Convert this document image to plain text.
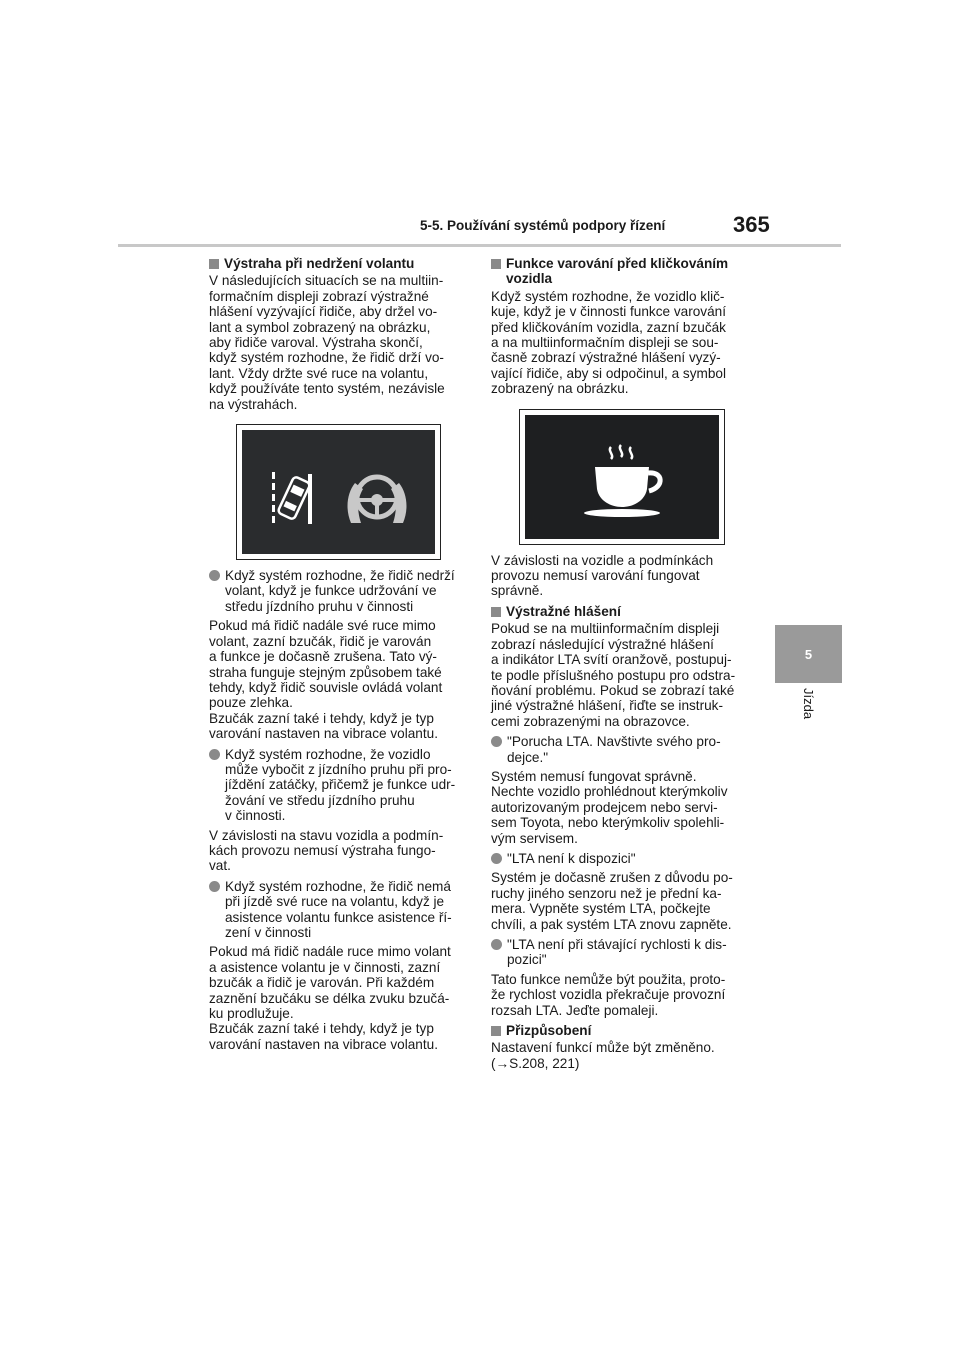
5-5. Používání systémů podpory řízení	365
5
Jízda
Výstraha při nedržení volantu

V následujících situacích se na multiin-
formačním displeji zobrazí výstražné
hlášení vyzývající řidiče, aby držel vo-
lant a symbol zobrazený na obrázku,
aby řidiče varoval. Výstraha skončí,
když systém rozhodne, že řidič drží vo-
lant. Vždy držte své ruce na volantu,
když používáte tento systém, nezávisle
na výstrahách.

Když systém rozhodne, že řidič nedrží
volant, když je funkce udržování ve
středu jízdního pruhu v činnosti

Pokud má řidič nadále své ruce mimo
volant, zazní bzučák, řidič je varován
a funkce je dočasně zrušena. Tato vý-
straha funguje stejným způsobem také
tehdy, když řidič souvisle ovládá volant
pouze zlehka.
Bzučák zazní také i tehdy, když je typ
varování nastaven na vibrace volantu.

Když systém rozhodne, že vozidlo
může vybočit z jízdního pruhu při pro-
jíždění zatáčky, přičemž je funkce udr-
žování ve středu jízdního pruhu
v činnosti.

V závislosti na stavu vozidla a podmín-
kách provozu nemusí výstraha fungo-
vat.

Když systém rozhodne, že řidič nemá
při jízdě své ruce na volantu, když je
asistence volantu funkce asistence ří-
zení v činnosti

Pokud má řidič nadále ruce mimo volant
a asistence volantu je v činnosti, zazní
bzučák a řidič je varován. Při každém
zaznění bzučáku se délka zvuku bzučá-
ku prodlužuje.
Bzučák zazní také i tehdy, když je typ
varování nastaven na vibrace volantu.

Funkce varování před kličkováním
vozidla

Když systém rozhodne, že vozidlo klič-
kuje, když je v činnosti funkce varování
před kličkováním vozidla, zazní bzučák
a na multiinformačním displeji se sou-
časně zobrazí výstražné hlášení vyzý-
vající řidiče, aby si odpočinul, a symbol
zobrazený na obrázku.

V závislosti na vozidle a podmínkách
provozu nemusí varování fungovat
správně.

Výstražné hlášení

Pokud se na multiinformačním displeji
zobrazí následující výstražné hlášení
a indikátor LTA svítí oranžově, postupuj-
te podle příslušného postupu pro odstra-
ňování problému. Pokud se zobrazí také
jiné výstražné hlášení, řiďte se instruk-
cemi zobrazenými na obrazovce.

"Porucha LTA. Navštivte svého pro-
dejce."

Systém nemusí fungovat správně.
Nechte vozidlo prohlédnout kterýmkoliv
autorizovaným prodejcem nebo servi-
sem Toyota, nebo kterýmkoliv spolehli-
vým servisem.

"LTA není k dispozici"

Systém je dočasně zrušen z důvodu po-
ruchy jiného senzoru než je přední ka-
mera. Vypněte systém LTA, počkejte
chvíli, a pak systém LTA znovu zapněte.

"LTA není při stávající rychlosti k dis-
pozici"

Tato funkce nemůže být použita, proto-
že rychlost vozidla překračuje provozní
rozsah LTA. Jeďte pomaleji.

Přizpůsobení

Nastavení funkcí může být změněno.
(→S.208, 221)
